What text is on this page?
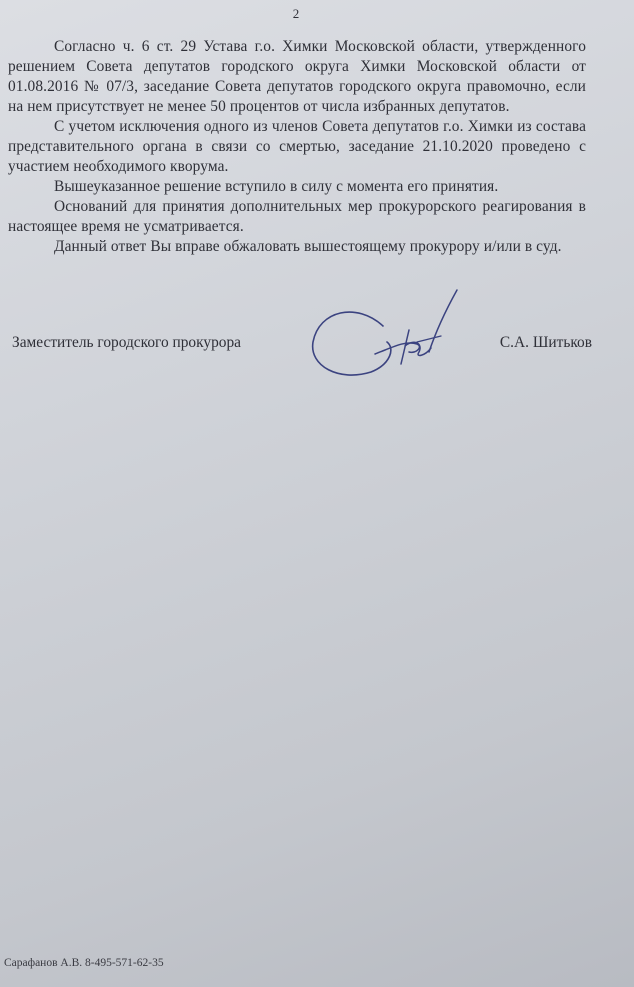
2

Согласно ч. 6 ст. 29 Устава г.о. Химки Московской области, утвержденного решением Совета депутатов городского округа Химки Московской области от 01.08.2016 № 07/3, заседание Совета депутатов городского округа правомочно, если на нем присутствует не менее 50 процентов от числа избранных депутатов.

С учетом исключения одного из членов Совета депутатов г.о. Химки из состава представительного органа в связи со смертью, заседание 21.10.2020 проведено с участием необходимого кворума.

Вышеуказанное решение вступило в силу с момента его принятия.

Оснований для принятия дополнительных мер прокурорского реагирования в настоящее время не усматривается.

Данный ответ Вы вправе обжаловать вышестоящему прокурору и/или в суд.

Заместитель городского прокурора	С.А. Шитьков
Сарафанов А.В. 8-495-571-62-35
